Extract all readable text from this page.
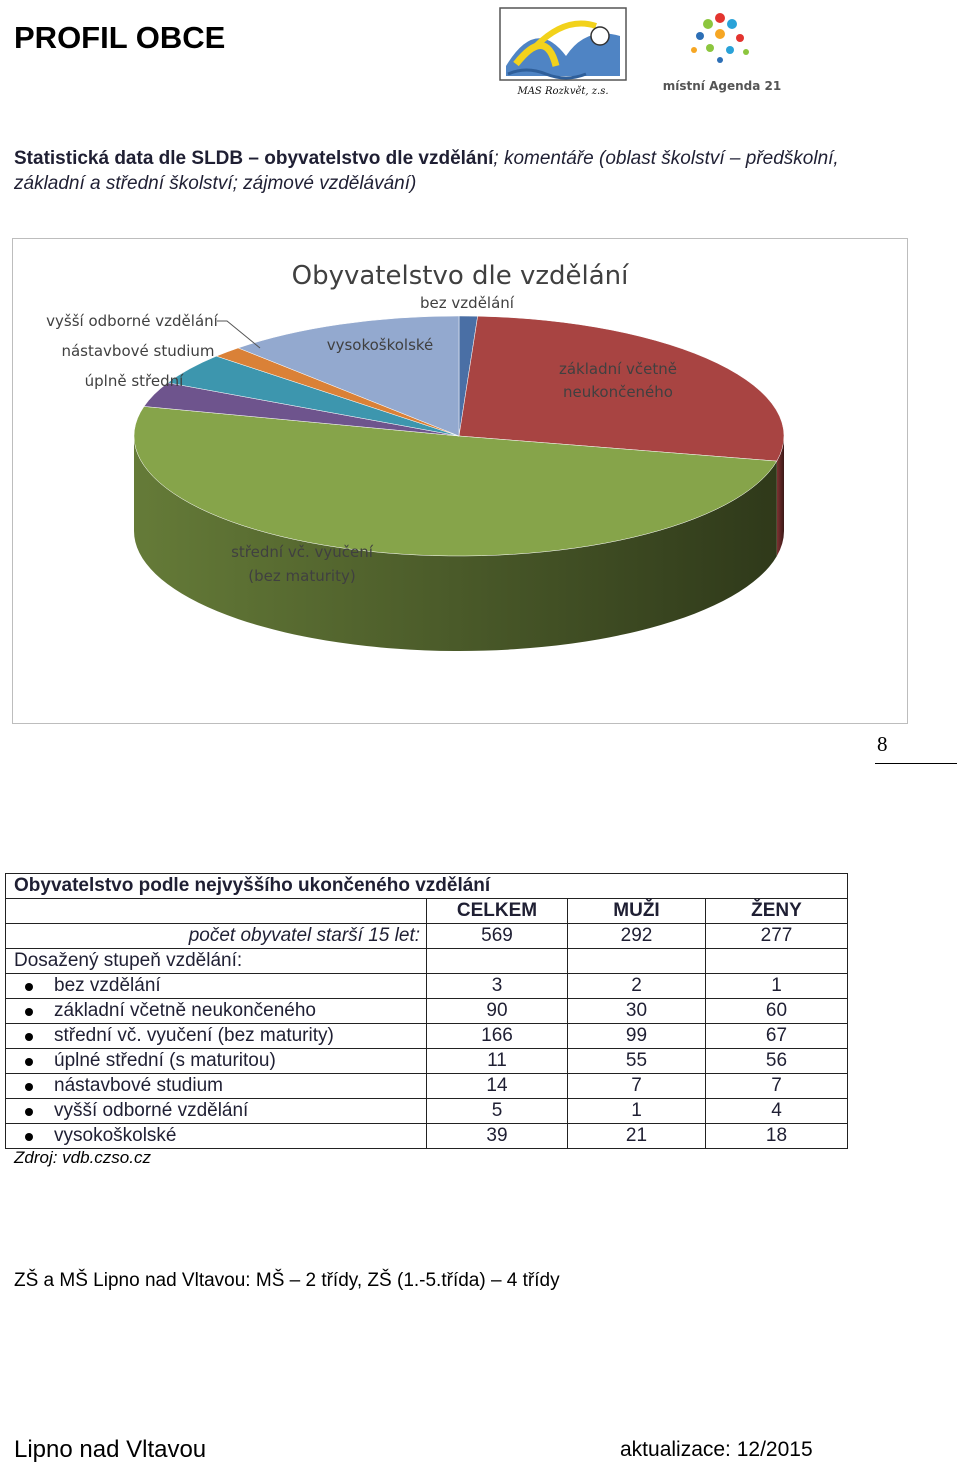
PROFIL OBCE
MAS Rozkvět, z.s.	místní Agenda 21
Statistická data dle SLDB – obyvatelstvo dle vzdělání; komentáře (oblast školství – předškolní, základní a střední školství; zájmové vzdělávání)
Obyvatelstvo dle vzdělání
bez vzdělání
základní včetně
neukončeného
střední vč. vyučení
(bez maturity)
vysokoškolské
vyšší odborné vzdělání
nástavbové studium
úplně střední
8
Obyvatelstvo podle nejvyššího ukončeného vzdělání			
	CELKEM	MUŽI	ŽENY
počet obyvatel starší 15 let:	569	292	277
Dosažený stupeň vzdělání:			

bez vzdělání	3	2	1

základní včetně neukončeného	90	30	60

střední vč. vyučení (bez maturity)	166	99	67

úplné střední (s maturitou)	11	55	56

nástavbové studium	14	7	7

vyšší odborné vzdělání	5	1	4

vysokoškolské	39	21	18
Zdroj: vdb.czso.cz
ZŠ a MŠ Lipno nad Vltavou: MŠ – 2 třídy, ZŠ (1.-5.třída) – 4 třídy
Lipno nad Vltavou	aktualizace: 12/2015
